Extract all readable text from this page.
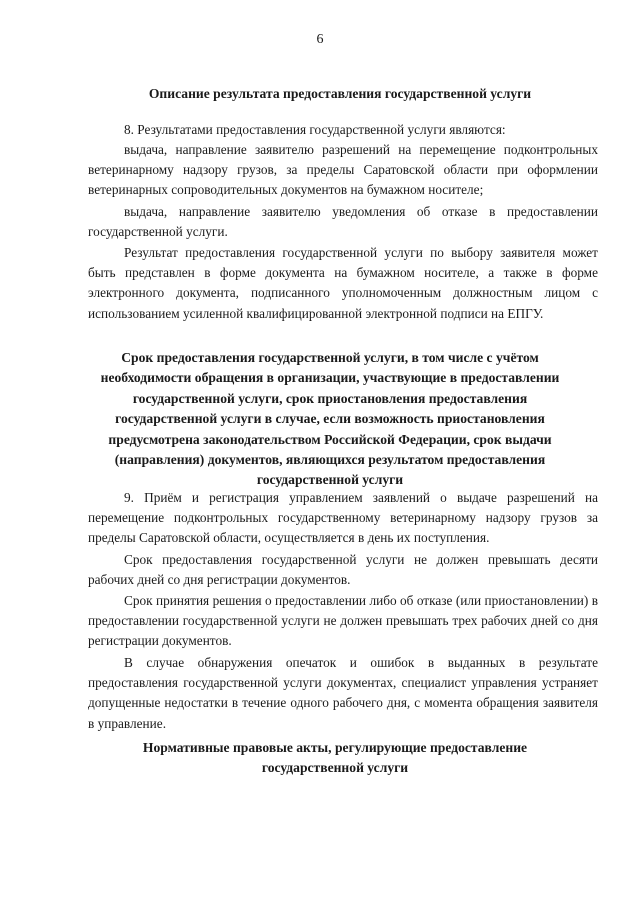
6
Описание результата предоставления государственной услуги
8. Результатами предоставления государственной услуги являются:
выдача, направление заявителю разрешений на перемещение подконтрольных ветеринарному надзору грузов, за пределы Саратовской области при оформлении ветеринарных сопроводительных документов на бумажном носителе;
выдача, направление заявителю уведомления об отказе в предоставлении государственной услуги.
Результат предоставления государственной услуги по выбору заявителя может быть представлен в форме документа на бумажном носителе, а также в форме электронного документа, подписанного уполномоченным должностным лицом с использованием усиленной квалифицированной электронной подписи на ЕПГУ.
Срок предоставления государственной услуги, в том числе с учётом необходимости обращения в организации, участвующие в предоставлении государственной услуги, срок приостановления предоставления государственной услуги в случае, если возможность приостановления предусмотрена законодательством Российской Федерации, срок выдачи (направления) документов, являющихся результатом предоставления государственной услуги
9. Приём и регистрация управлением заявлений о выдаче разрешений на перемещение подконтрольных государственному ветеринарному надзору грузов за пределы Саратовской области, осуществляется в день их поступления.
Срок предоставления государственной услуги не должен превышать десяти рабочих дней со дня регистрации документов.
Срок принятия решения о предоставлении либо об отказе (или приостановлении) в предоставлении государственной услуги не должен превышать трех рабочих дней со дня регистрации документов.
В случае обнаружения опечаток и ошибок в выданных в результате предоставления государственной услуги документах, специалист управления устраняет допущенные недостатки в течение одного рабочего дня, с момента обращения заявителя в управление.
Нормативные правовые акты, регулирующие предоставление государственной услуги
